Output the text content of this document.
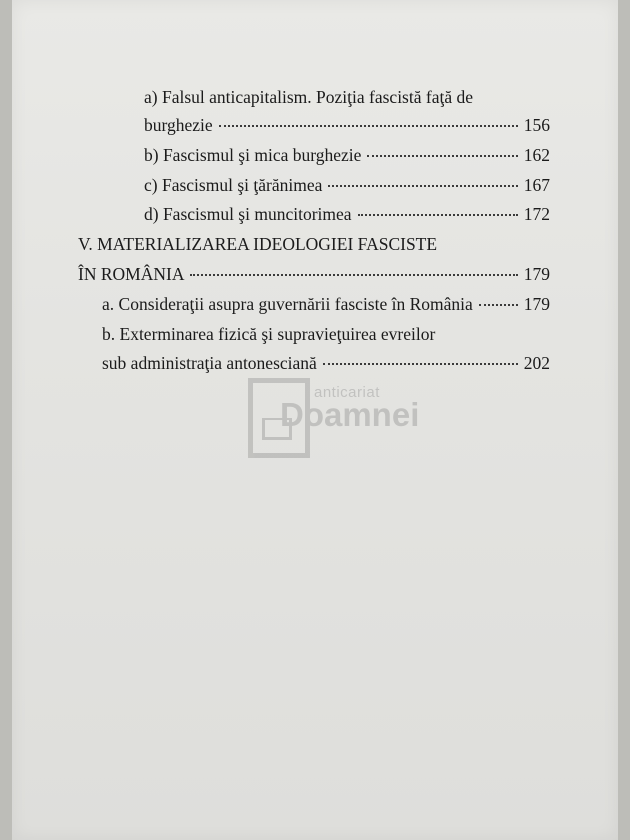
a) Falsul anticapitalism. Poziţia fascistă faţă de
burghezie	156
b) Fascismul şi mica burghezie	162
c) Fascismul şi ţărănimea	167
d) Fascismul şi muncitorimea	172
V. MATERIALIZAREA IDEOLOGIEI FASCISTE
ÎN ROMÂNIA	179
a. Consideraţii asupra guvernării fasciste în România	179
b. Exterminarea fizică şi supravieţuirea evreilor
sub administraţia antonesciană	202
anticariat
Doamnei
